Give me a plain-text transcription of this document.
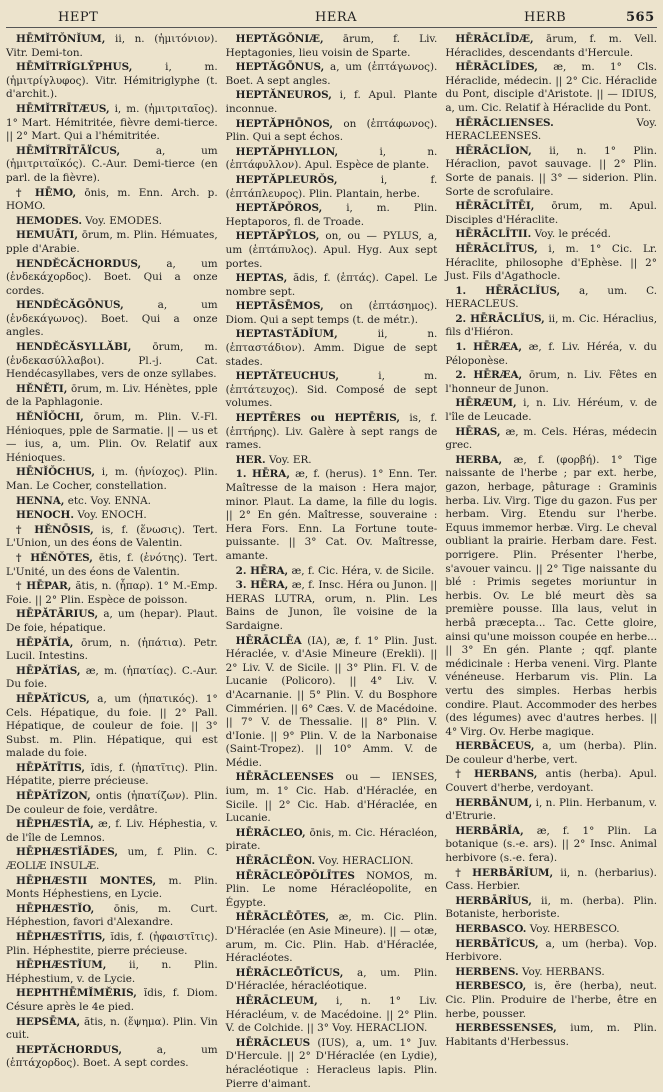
HEPT	HERA	HERB	565

HĒMĬTŎNĬUM, ii, n. (ἡμιτόνιον). Vitr. Demi-ton.

HĒMĬTRĬGLȲPHUS,	i, m. (ἡμιτρίγλυφος). Vitr. Hémitriglyphe (t. d'archit.).

HĒMĬTRĪTÆUS, i, m. (ἡμιτριταῖος). 1° Mart. Hémitritée, fièvre demi-tierce. || 2° Mart. Qui a l'hémitritée.

HĒMĬTRĪTĀÏCUS,	a, um (ἡμιτριταϊκός). C.-Aur. Demi-tierce (en parl. de la fièvre).

† HĒMO, ōnis, m. Enn. Arch. p. HOMO.

HEMODES. Voy. EMODES.

HEMUĀTI, ōrum, m. Plin. Hémuates, pple d'Arabie.

HENDĔCĂCHORDUS, a, um (ἑνδεκάχορδος). Boet. Qui a onze cordes.

HENDĔCĂGŌNUS,	a, um (ἑνδεκάγωνος). Boet. Qui a onze angles.

HENDĔCĂSYLLĂBI, ōrum, m. (ἑνδεκασύλλαβοι). Pl.-j. Cat. Hendécasyllabes, vers de onze syllabes.

HĔNĔTI, ōrum, m. Liv. Hénètes, pple de la Paphlagonie.

HĔNĬŎCHI, ōrum, m. Plin. V.-Fl. Hénioques, pple de Sarmatie. || — us et — ius, a, um. Plin. Ov. Relatif aux Hénioques.

HĒNĬŎCHUS, i, m. (ἡνίοχος). Plin. Man. Le Cocher, constellation.

HENNA, etc. Voy. ENNA.

HENOCH. Voy. ENOCH.

† HĔNŌSIS, is, f. (ἕνωσις). Tert. L'Union, un des éons de Valentin.

† HĔNŎTES, ētis, f. (ἑνότης). Tert. L'Unité, un des éons de Valentin.

† HĒPAR, ătis, n. (ἧπαρ). 1° M.-Emp. Foie. || 2° Plin. Espèce de poisson.

HĒPĂTĀRIUS, a, um (hepar). Plaut. De foie, hépatique.

HĒPĂTĬA, ōrum, n. (ἡπάτια). Petr. Lucil. Intestins.

HĒPĂTĬAS, æ, m. (ἡπατίας). C.-Aur. Du foie.

HĒPĂTĬCUS, a, um (ἡπατικός). 1° Cels. Hépatique, du foie. || 2° Pall. Hépatique, de couleur de foie. || 3° Subst. m. Plin. Hépatique, qui est malade du foie.

HĒPĂTĪTIS, ĭdis, f. (ἡπατῖτις). Plin. Hépatite, pierre précieuse.

HĒPĂTĪZON, ontis (ἡπατίζων). Plin. De couleur de foie, verdâtre.

HĒPHÆSTĬA, æ, f. Liv. Héphestia, v. de l'île de Lemnos.

HĒPHÆSTĬĀDES, um, f. Plin. C. ÆOLIÆ INSULÆ.

HĒPHÆSTII MONTES, m. Plin. Monts Héphestiens, en Lycie.

HĒPHÆSTĬO, ōnis, m. Curt. Héphestion, favori d'Alexandre.

HĒPHÆSTĪTIS, ĭdis, f. (ἡφαιστῖτις). Plin. Héphestite, pierre précieuse.

HĒPHÆSTĬUM, ii, n. Plin. Héphestium, v. de Lycie.

HEPHTHĒMĬMĔRIS, ĭdis, f. Diom. Césure après le 4e pied.

HEPSĒMA, ătis, n. (ἕψημα). Plin. Vin cuit.

HEPTĂCHORDUS,	a, um (ἑπτάχορδος). Boet. A sept cordes.

HEPTĂGŎNIÆ, ārum, f. Liv. Heptagonies, lieu voisin de Sparte.

HEPTĂGŌNUS, a, um (ἑπτάγωνος). Boet. A sept angles.

HEPTĂNEUROS, i, f. Apul. Plante inconnue.

HEPTĂPHŌNOS, on (ἑπτάφωνος). Plin. Qui a sept échos.

HEPTĂPHYLLON,	i, n. (ἑπτάφυλλον). Apul. Espèce de plante.

HEPTĂPLEURŎS,	i, f. (ἑπτάπλευρος). Plin. Plantain, herbe.

HEPTĂPŎROS, i, m. Plin. Heptaporos, fl. de Troade.

HEPTĂPȲLOS, on, ou — PYLUS, a, um (ἑπτάπυλος). Apul. Hyg. Aux sept portes.

HEPTAS, ădis, f. (ἑπτάς). Capel. Le nombre sept.

HEPTĀSĒMOS, on (ἑπτάσημος). Diom. Qui a sept temps (t. de métr.).

HEPTASTĂDĬUM,	ii, n. (ἑπταστάδιον). Amm. Digue de sept stades.

HEPTĂTEUCHUS,	i, m. (ἑπτάτευχος). Sid. Composé de sept volumes.

HEPTĒRES ou HEPTĒRIS, is, f. (ἑπτήρης). Liv. Galère à sept rangs de rames.

HER. Voy. ER.

1. HĒRA, æ, f. (herus). 1° Enn. Ter. Maîtresse de la maison : Hera major, minor. Plaut. La dame, la fille du logis. || 2° En gén. Maîtresse, souveraine : Hera Fors. Enn. La Fortune toute-puissante. || 3° Cat. Ov. Maîtresse, amante.

2. HĒRA, æ, f. Cic. Héra, v. de Sicile.

3. HĒRA, æ, f. Insc. Héra ou Junon. || HERAS LUTRA, orum, n. Plin. Les Bains de Junon, île voisine de la Sardaigne.

HĒRĀCLĒA (IA), æ, f. 1° Plin. Just. Héraclée, v. d'Asie Mineure (Erekli). || 2° Liv. V. de Sicile. || 3° Plin. Fl. V. de Lucanie (Policoro). || 4° Liv. V. d'Acarnanie. || 5° Plin. V. du Bosphore Cimmérien. || 6° Cæs. V. de Macédoine. || 7° V. de Thessalie. || 8° Plin. V. d'Ionie. || 9° Plin. V. de la Narbonaise (Saint-Tropez). || 10° Amm. V. de Médie.

HĒRĀCLEENSES ou — IENSES, ium, m. 1° Cic. Hab. d'Héraclée, en Sicile. || 2° Cic. Hab. d'Héraclée, en Lucanie.

HĒRĀCLEO, ōnis, m. Cic. Héracléon, pirate.

HĒRĀCLĒON. Voy. HERACLION.

HĒRĀCLEŎPŎLĪTES NOMOS, m. Plin. Le nome Héracléopolite, en Égypte.

HĒRĀCLĒŌTES, æ, m. Cic. Plin. D'Héraclée (en Asie Mineure). || — otæ, arum, m. Cic. Plin. Hab. d'Héraclée, Héracléotes.

HĒRĀCLEŌTĬCUS, a, um. Plin. D'Héraclée, héracléotique.

HĒRĀCLEUM, i, n. 1° Liv. Héracléum, v. de Macédoine. || 2° Plin. V. de Colchide. || 3° Voy. HERACLION.

HĒRĀCLEUS (IUS), a, um. 1° Juv. D'Hercule. || 2° D'Héraclée (en Lydie), héracléotique : Heracleus lapis. Plin. Pierre d'aimant.

HĒRĀCLĪDÆ, ārum, f. m. Vell. Héraclides, descendants d'Hercule.

HĒRĀCLĪDES, æ, m. 1° Cls. Héraclide, médecin. || 2° Cic. Héraclide du Pont, disciple d'Aristote. || — IDIUS, a, um. Cic. Relatif à Héraclide du Pont.

HĒRĀCLIENSES.	Voy. HERACLEENSES.

HĒRĀCLĪON, ii, n. 1° Plin. Héraclion, pavot sauvage. || 2° Plin. Sorte de panais. || 3° — siderion. Plin. Sorte de scrofulaire.

HĒRĀCLĪTĒI, ōrum, m. Apul. Disciples d'Héraclite.

HĒRĀCLĪTII. Voy. le précéd.

HĒRĀCLĪTUS, i, m. 1° Cic. Lr. Héraclite, philosophe d'Ephèse. || 2° Just. Fils d'Agathocle.

1. HĒRĀCLĬUS, a, um. C. HERACLEUS.

2. HĒRĀCLĬUS, ii, m. Cic. Héraclius, fils d'Hiéron.

1. HĒRÆA, æ, f. Liv. Héréa, v. du Péloponèse.

2. HĒRÆA, ōrum, n. Liv. Fêtes en l'honneur de Junon.

HĒRÆUM, i, n. Liv. Héréum, v. de l'île de Leucade.

HĒRAS, æ, m. Cels. Héras, médecin grec.

HERBA, æ, f. (φορβή). 1° Tige naissante de l'herbe ; par ext. herbe, gazon, herbage, pâturage : Graminis herba. Liv. Virg. Tige du gazon. Fus per herbam. Virg. Etendu sur l'herbe. Equus immemor herbæ. Virg. Le cheval oubliant la prairie. Herbam dare. Fest. porrigere. Plin. Présenter l'herbe, s'avouer vaincu. || 2° Tige naissante du blé : Primis segetes moriuntur in herbis. Ov. Le blé meurt dès sa première pousse. Illa laus, velut in herbâ præcepta... Tac. Cette gloire, ainsi qu'une moisson coupée en herbe... || 3° En gén. Plante ; qqf. plante médicinale : Herba veneni. Virg. Plante vénéneuse. Herbarum vis. Plin. La vertu des simples. Herbas herbis condire. Plaut. Accommoder des herbes (des légumes) avec d'autres herbes. || 4° Virg. Ov. Herbe magique.

HERBĀCEUS, a, um (herba). Plin. De couleur d'herbe, vert.

† HERBANS, antis (herba). Apul. Couvert d'herbe, verdoyant.

HERBĀNUM, i, n. Plin. Herbanum, v. d'Etrurie.

HERBĀRĬA, æ, f. 1° Plin. La botanique (s.-e. ars). || 2° Insc. Animal herbivore (s.-e. fera).

† HERBĀRĬUM, ii, n. (herbarius). Cass. Herbier.

HERBĀRĬUS, ii, m. (herba). Plin. Botaniste, herboriste.

HERBASCO. Voy. HERBESCO.

HERBĀTĬCUS, a, um (herba). Vop. Herbivore.

HERBENS. Voy. HERBANS.

HERBESCO, is, ĕre (herba), neut. Cic. Plin. Produire de l'herbe, être en herbe, pousser.

HERBESSENSES, ium, m. Plin. Habitants d'Herbessus.
